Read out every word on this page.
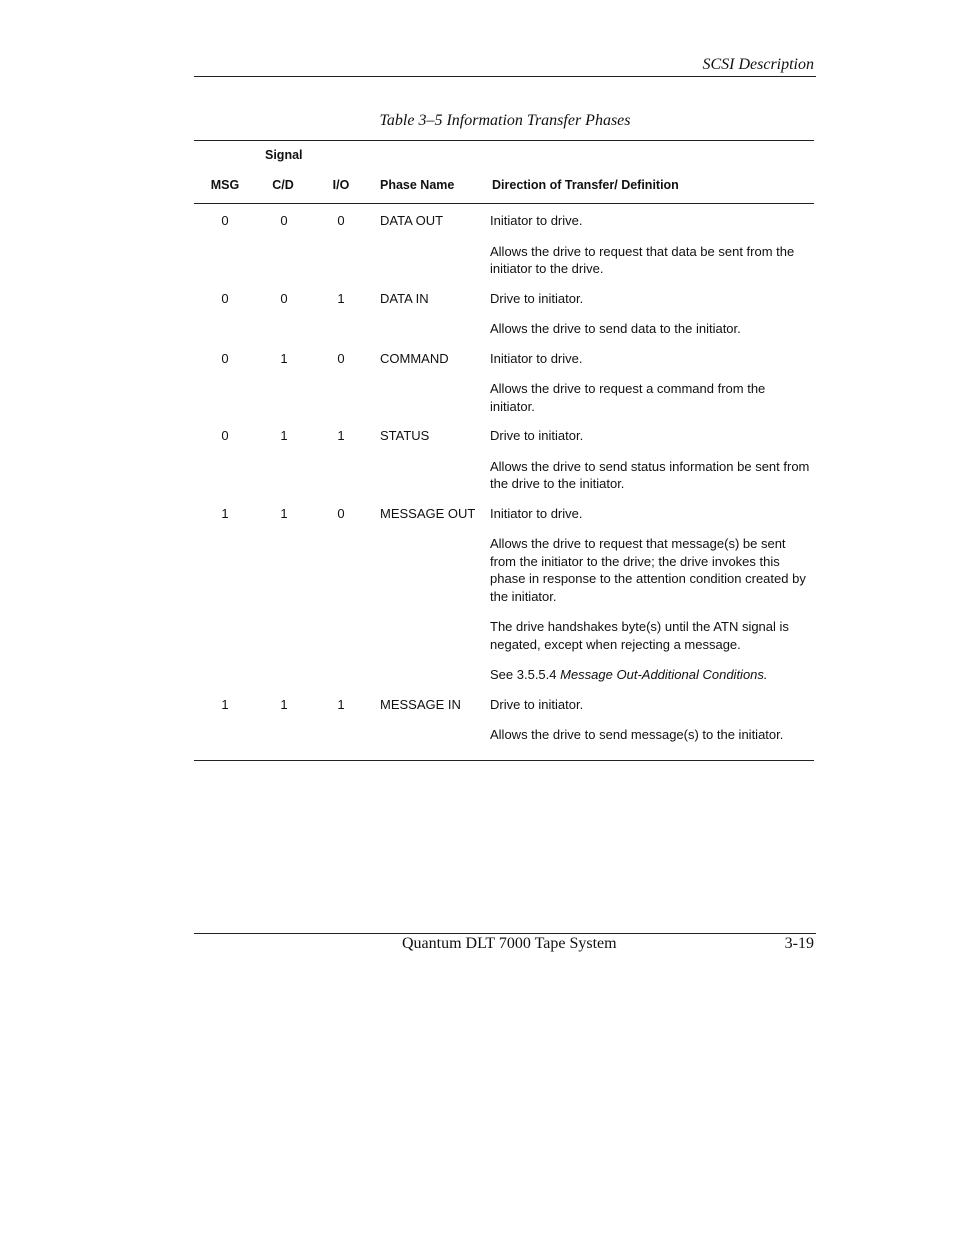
SCSI Description
Table 3–5 Information Transfer Phases
Signal
MSG	C/D	I/O	Phase Name	Direction of Transfer/ Definition
0	0	0	DATA OUT	Initiator to drive.

Allows the drive to request that data be sent from the initiator to the drive.

0	0	1	DATA IN	Drive to initiator.

Allows the drive to send data to the initiator.

0	1	0	COMMAND	Initiator to drive.

Allows the drive to request a command from the initiator.

0	1	1	STATUS	Drive to initiator.

Allows the drive to send status information be sent from the drive to the initiator.

1	1	0	MESSAGE OUT	Initiator to drive.

Allows the drive to request that message(s) be sent from the initiator to the drive; the drive invokes this phase in response to the attention condition created by the initiator.

The drive handshakes byte(s) until the ATN signal is negated, except when rejecting a message.

See 3.5.5.4 Message Out-Additional Conditions.

1	1	1	MESSAGE IN	Drive to initiator.

Allows the drive to send message(s) to the initiator.

Quantum DLT 7000 Tape System	3-19
